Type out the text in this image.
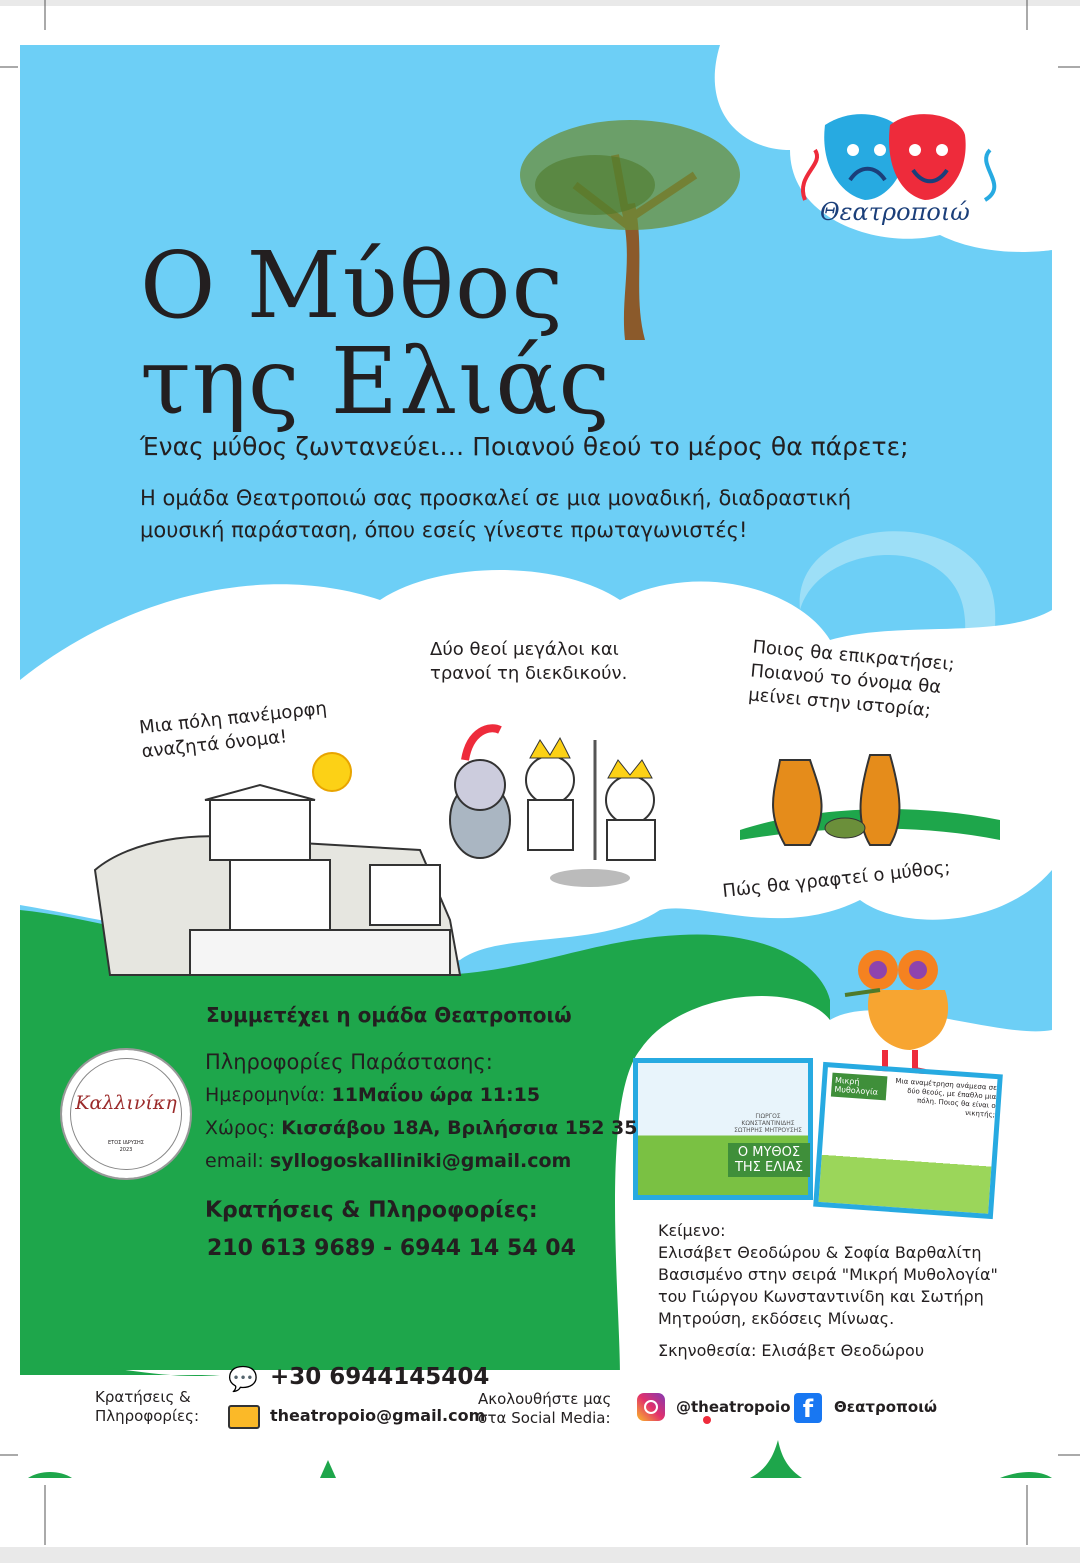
Θεατροποιώ
Ο Μύθος
της Ελιάς
Ένας μύθος ζωντανεύει… Ποιανού θεού το μέρος θα πάρετε;
Η ομάδα Θεατροποιώ σας προσκαλεί σε μια μοναδική, διαδραστική μουσική παράσταση, όπου εσείς γίνεστε πρωταγωνιστές!
Μια πόλη πανέμορφη αναζητά όνομα!
Δύο θεοί μεγάλοι και τρανοί τη διεκδικούν.	Ποιος θα επικρατήσει; Ποιανού το όνομα θα μείνει στην ιστορία;
Πώς θα γραφτεί ο μύθος;
ΓΙΩΡΓΟΣ ΚΩΝΣΤΑΝΤΙΝΙΔΗΣ ΣΩΤΗΡΗΣ ΜΗΤΡΟΥΣΗΣ
Ο ΜΥΘΟΣ ΤΗΣ ΕΛΙΑΣ
Μικρή Μυθολογία	Μια αναμέτρηση ανάμεσα σε δύο θεούς, με έπαθλο μια πόλη. Ποιος θα είναι ο νικητής;
Συμμετέχει η ομάδα Θεατροποιώ
Καλλινίκη
ΕΤΟΣ ΙΔΡΥΣΗΣ
2023
Πληροφορίες Παράστασης:
Ημερομηνία: 11Μαΐου ώρα 11:15
Χώρος: Κισσάβου 18Α, Βριλήσσια 152 35
email: syllogoskalliniki@gmail.com
Κρατήσεις & Πληροφορίες:
210 613 9689 - 6944 14 54 04
Κείμενο:
Ελισάβετ Θεοδώρου & Σοφία Βαρθαλίτη
Βασισμένο στην σειρά "Μικρή Μυθολογία" του Γιώργου Κωνσταντινίδη και Σωτήρη Μητρούση, εκδόσεις Μίνωας.
Σκηνοθεσία: Ελισάβετ Θεοδώρου
Κρατήσεις &
Πληροφορίες:
💬 +30 6944145404
theatropoio@gmail.com
Ακολουθήστε μας
στα Social Media:
@theatropoio f	Θεατροποιώ
